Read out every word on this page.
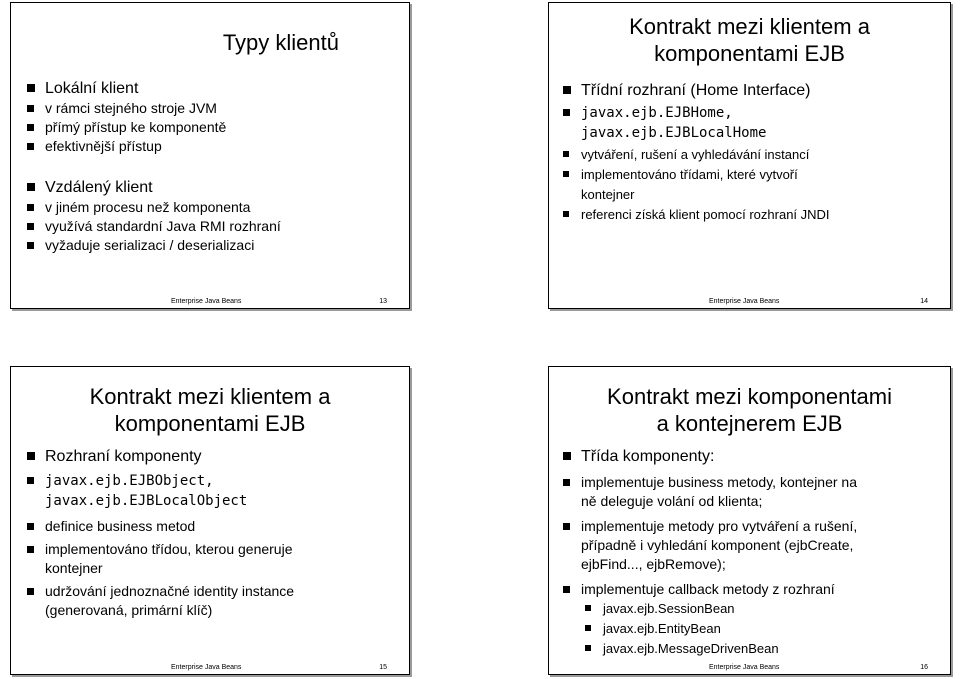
Typy klientů
Lokální klient
v rámci stejného stroje JVM
přímý přístup ke komponentě
efektivnější přístup
Vzdálený klient
v jiném procesu než komponenta
využívá standardní Java RMI rozhraní
vyžaduje serializaci / deserializaci
Enterprise Java Beans	13
Kontrakt mezi klientem a
komponentami EJB
Třídní rozhraní (Home Interface)
javax.ejb.EJBHome,
javax.ejb.EJBLocalHome
vytváření, rušení a vyhledávání instancí
implementováno třídami, které vytvoří
kontejner
referenci získá klient pomocí rozhraní JNDI
Enterprise Java Beans	14
Kontrakt mezi klientem a
komponentami EJB
Rozhraní komponenty
javax.ejb.EJBObject,
javax.ejb.EJBLocalObject
definice business metod
implementováno třídou, kterou generuje
kontejner
udržování jednoznačné identity instance
(generovaná, primární klíč)
Enterprise Java Beans	15
Kontrakt mezi komponentami
a kontejnerem EJB
Třída komponenty:
implementuje business metody, kontejner na
ně deleguje volání od klienta;
implementuje metody pro vytváření a rušení,
případně i vyhledání komponent (ejbCreate,
ejbFind..., ejbRemove);
implementuje callback metody z rozhraní
javax.ejb.SessionBean
javax.ejb.EntityBean
javax.ejb.MessageDrivenBean
Enterprise Java Beans	16
